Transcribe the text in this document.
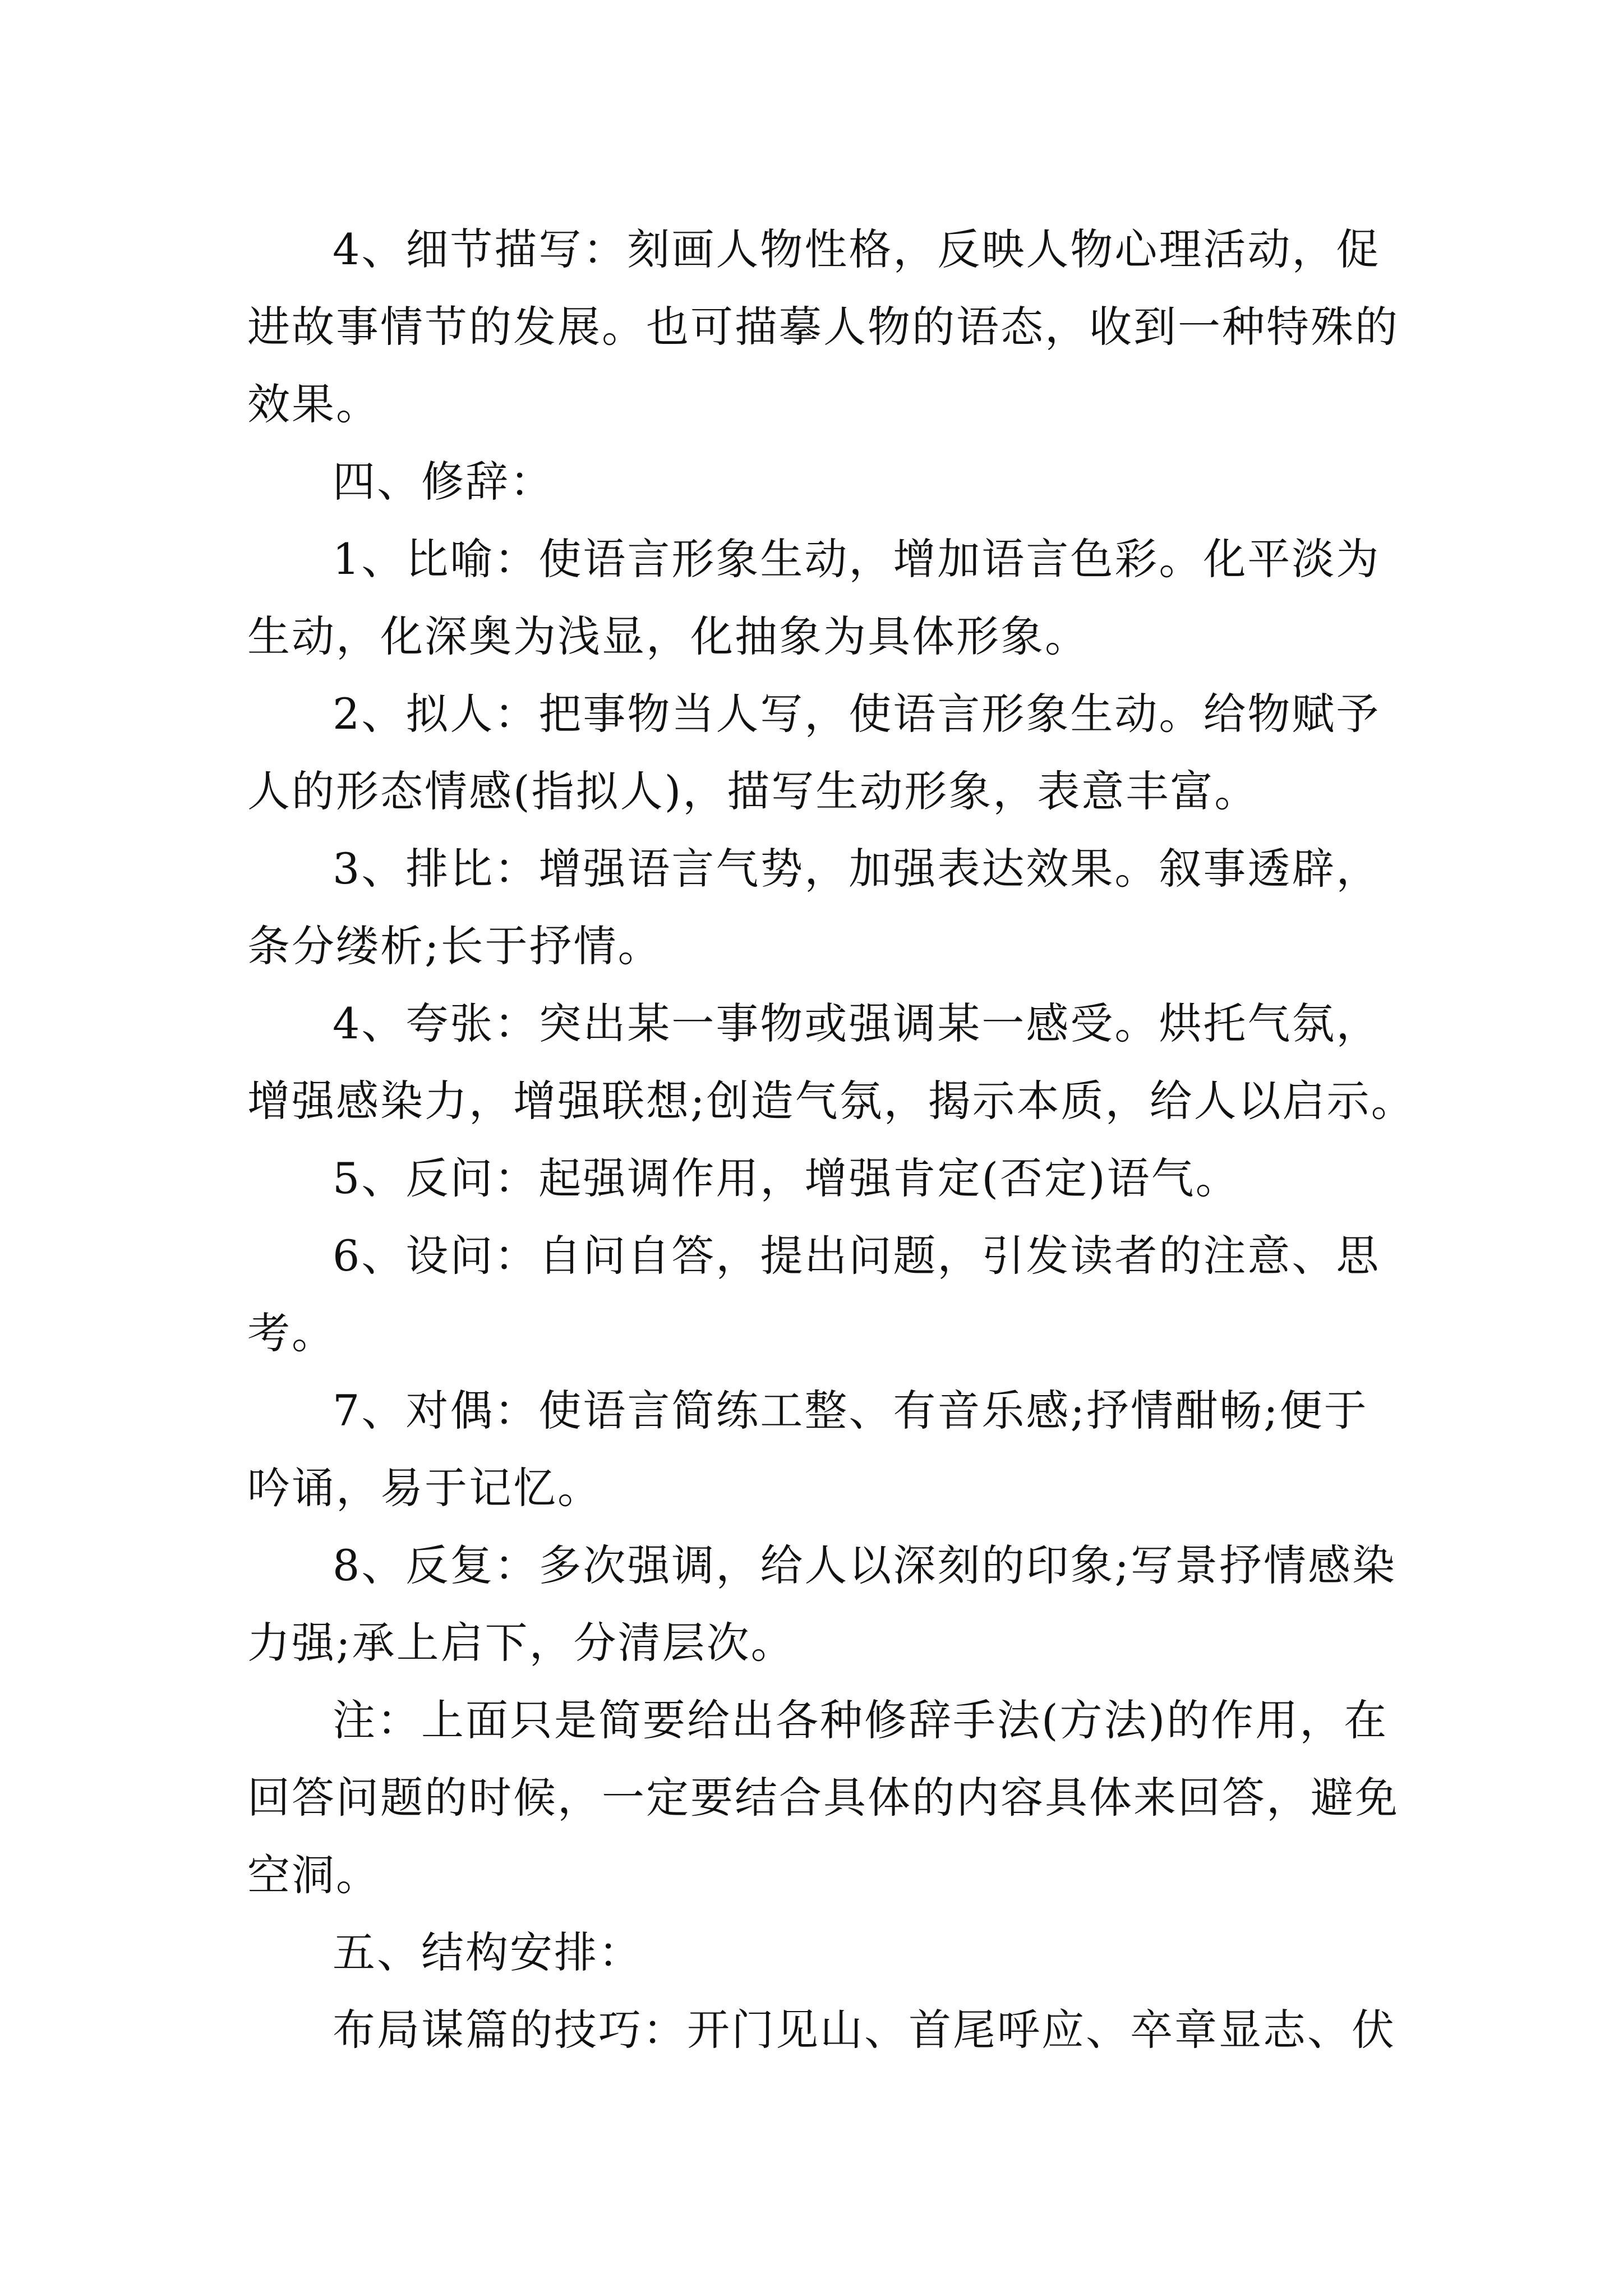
4、细节描写：刻画人物性格，反映人物心理活动，促
进故事情节的发展。也可描摹人物的语态，收到一种特殊的
效果。

四、修辞：

1、比喻：使语言形象生动，增加语言色彩。化平淡为
生动，化深奥为浅显，化抽象为具体形象。

2、拟人：把事物当人写，使语言形象生动。给物赋予
人的形态情感(指拟人)，描写生动形象，表意丰富。

3、排比：增强语言气势，加强表达效果。叙事透辟，
条分缕析;长于抒情。

4、夸张：突出某一事物或强调某一感受。烘托气氛，
增强感染力，增强联想;创造气氛，揭示本质，给人以启示。

5、反问：起强调作用，增强肯定(否定)语气。

6、设问：自问自答，提出问题，引发读者的注意、思
考。

7、对偶：使语言简练工整、有音乐感;抒情酣畅;便于
吟诵，易于记忆。

8、反复：多次强调，给人以深刻的印象;写景抒情感染
力强;承上启下，分清层次。

注：上面只是简要给出各种修辞手法(方法)的作用，在
回答问题的时候，一定要结合具体的内容具体来回答，避免
空洞。

五、结构安排：

布局谋篇的技巧：开门见山、首尾呼应、卒章显志、伏
